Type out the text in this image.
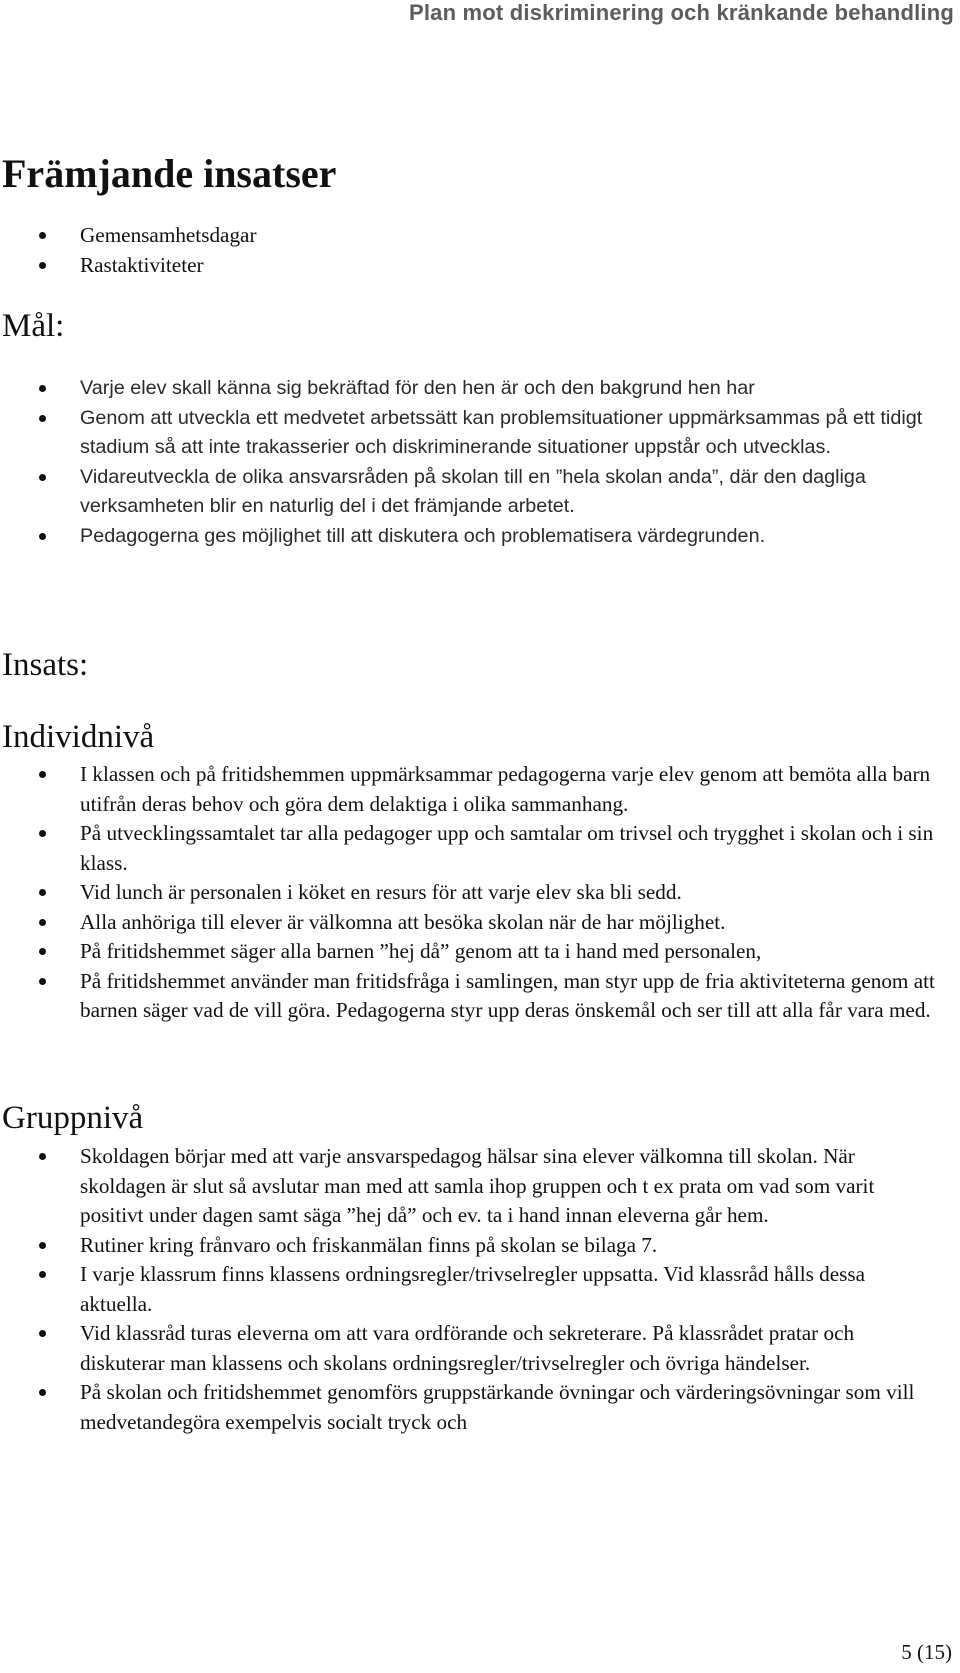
Plan mot diskriminering och kränkande behandling
Främjande insatser
Gemensamhetsdagar
Rastaktiviteter
Mål:
Varje elev skall känna sig bekräftad för den hen är och den bakgrund hen har
Genom att utveckla ett medvetet arbetssätt kan problemsituationer uppmärksammas på ett tidigt stadium så att inte trakasserier och diskriminerande situationer uppstår och utvecklas.
Vidareutveckla de olika ansvarsråden på skolan till en ”hela skolan anda”, där den dagliga verksamheten blir en naturlig del i det främjande arbetet.
Pedagogerna ges möjlighet till att diskutera och problematisera värdegrunden.
Insats:
Individnivå
I klassen och på fritidshemmen uppmärksammar pedagogerna varje elev genom att bemöta alla barn utifrån deras behov och göra dem delaktiga i olika sammanhang.
På utvecklingssamtalet tar alla pedagoger upp och samtalar om trivsel och trygghet i skolan och i sin klass.
Vid lunch är personalen i köket en resurs för att varje elev ska bli sedd.
Alla anhöriga till elever är välkomna att besöka skolan när de har möjlighet.
På fritidshemmet säger alla barnen ”hej då” genom att ta i hand med personalen,
På fritidshemmet använder man fritidsfråga i samlingen, man styr upp de fria aktiviteterna genom att barnen säger vad de vill göra. Pedagogerna styr upp deras önskemål och ser till att alla får vara med.
Gruppnivå
Skoldagen börjar med att varje ansvarspedagog hälsar sina elever välkomna till skolan. När skoldagen är slut så avslutar man med att samla ihop gruppen och t ex prata om vad som varit positivt under dagen samt säga ”hej då” och ev. ta i hand innan eleverna går hem.
Rutiner kring frånvaro och friskanmälan finns på skolan se bilaga 7.
I varje klassrum finns klassens ordningsregler/trivselregler uppsatta. Vid klassråd hålls dessa aktuella.
Vid klassråd turas eleverna om att vara ordförande och sekreterare. På klassrådet pratar och diskuterar man klassens och skolans ordningsregler/trivselregler och övriga händelser.
På skolan och fritidshemmet genomförs gruppstärkande övningar och värderingsövningar som vill medvetandegöra exempelvis socialt tryck och
5 (15)
